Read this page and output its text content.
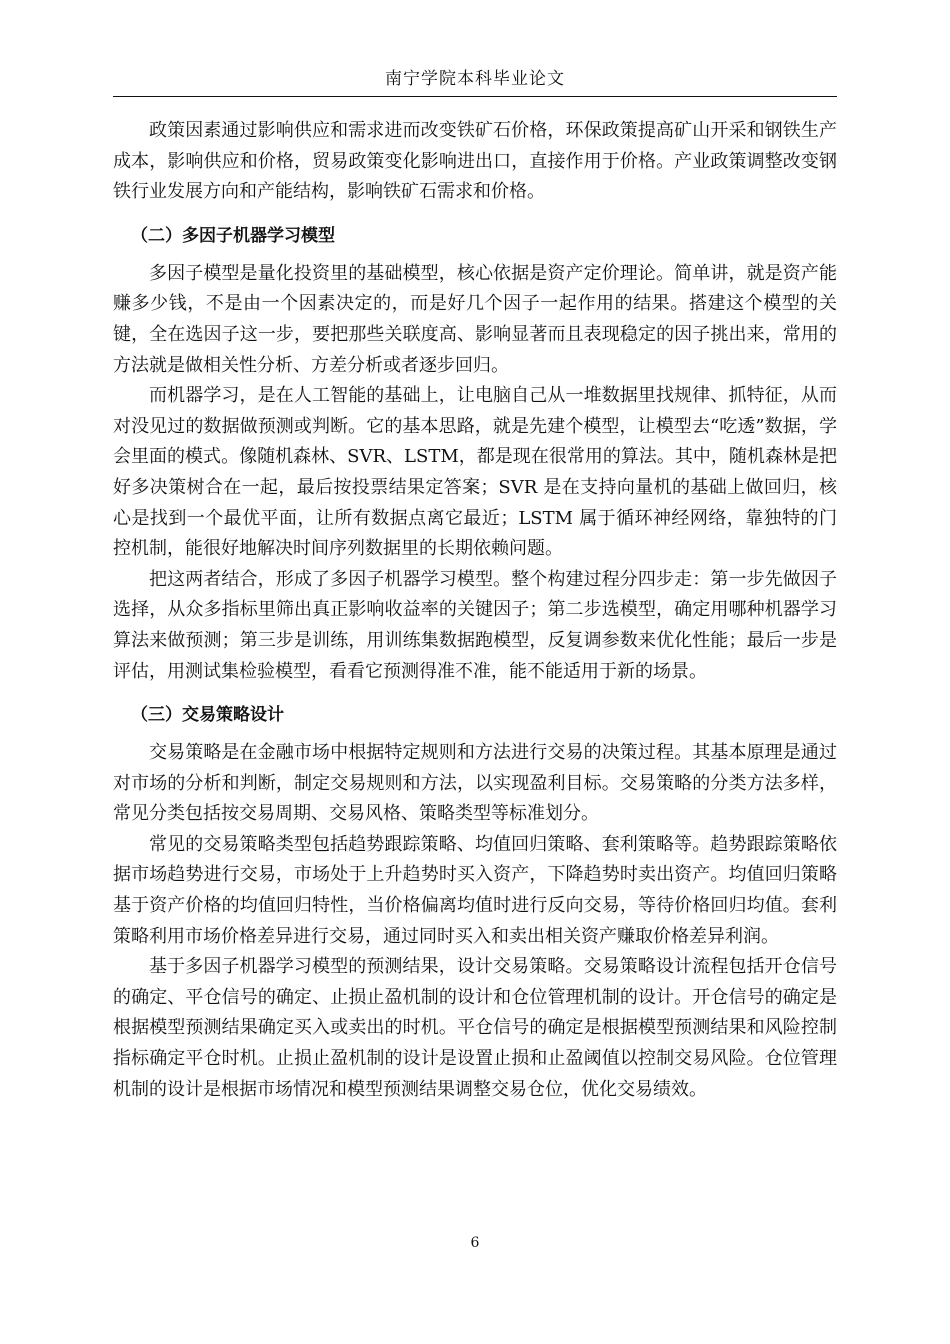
南宁学院本科毕业论文

政策因素通过影响供应和需求进而改变铁矿石价格，环保政策提高矿山开采和钢铁生产成本，影响供应和价格，贸易政策变化影响进出口，直接作用于价格。产业政策调整改变钢铁行业发展方向和产能结构，影响铁矿石需求和价格。

（二）多因子机器学习模型

多因子模型是量化投资里的基础模型，核心依据是资产定价理论。简单讲，就是资产能赚多少钱，不是由一个因素决定的，而是好几个因子一起作用的结果。搭建这个模型的关键，全在选因子这一步，要把那些关联度高、影响显著而且表现稳定的因子挑出来，常用的方法就是做相关性分析、方差分析或者逐步回归。

而机器学习，是在人工智能的基础上，让电脑自己从一堆数据里找规律、抓特征，从而对没见过的数据做预测或判断。它的基本思路，就是先建个模型，让模型去“吃透”数据，学会里面的模式。像随机森林、SVR、LSTM，都是现在很常用的算法。其中，随机森林是把好多决策树合在一起，最后按投票结果定答案；SVR 是在支持向量机的基础上做回归，核心是找到一个最优平面，让所有数据点离它最近；LSTM 属于循环神经网络，靠独特的门控机制，能很好地解决时间序列数据里的长期依赖问题。

把这两者结合，形成了多因子机器学习模型。整个构建过程分四步走：第一步先做因子选择，从众多指标里筛出真正影响收益率的关键因子；第二步选模型，确定用哪种机器学习算法来做预测；第三步是训练，用训练集数据跑模型，反复调参数来优化性能；最后一步是评估，用测试集检验模型，看看它预测得准不准，能不能适用于新的场景。

（三）交易策略设计

交易策略是在金融市场中根据特定规则和方法进行交易的决策过程。其基本原理是通过对市场的分析和判断，制定交易规则和方法，以实现盈利目标。交易策略的分类方法多样，常见分类包括按交易周期、交易风格、策略类型等标准划分。

常见的交易策略类型包括趋势跟踪策略、均值回归策略、套利策略等。趋势跟踪策略依据市场趋势进行交易，市场处于上升趋势时买入资产，下降趋势时卖出资产。均值回归策略基于资产价格的均值回归特性，当价格偏离均值时进行反向交易，等待价格回归均值。套利策略利用市场价格差异进行交易，通过同时买入和卖出相关资产赚取价格差异利润。

基于多因子机器学习模型的预测结果，设计交易策略。交易策略设计流程包括开仓信号的确定、平仓信号的确定、止损止盈机制的设计和仓位管理机制的设计。开仓信号的确定是根据模型预测结果确定买入或卖出的时机。平仓信号的确定是根据模型预测结果和风险控制指标确定平仓时机。止损止盈机制的设计是设置止损和止盈阈值以控制交易风险。仓位管理机制的设计是根据市场情况和模型预测结果调整交易仓位，优化交易绩效。

6
